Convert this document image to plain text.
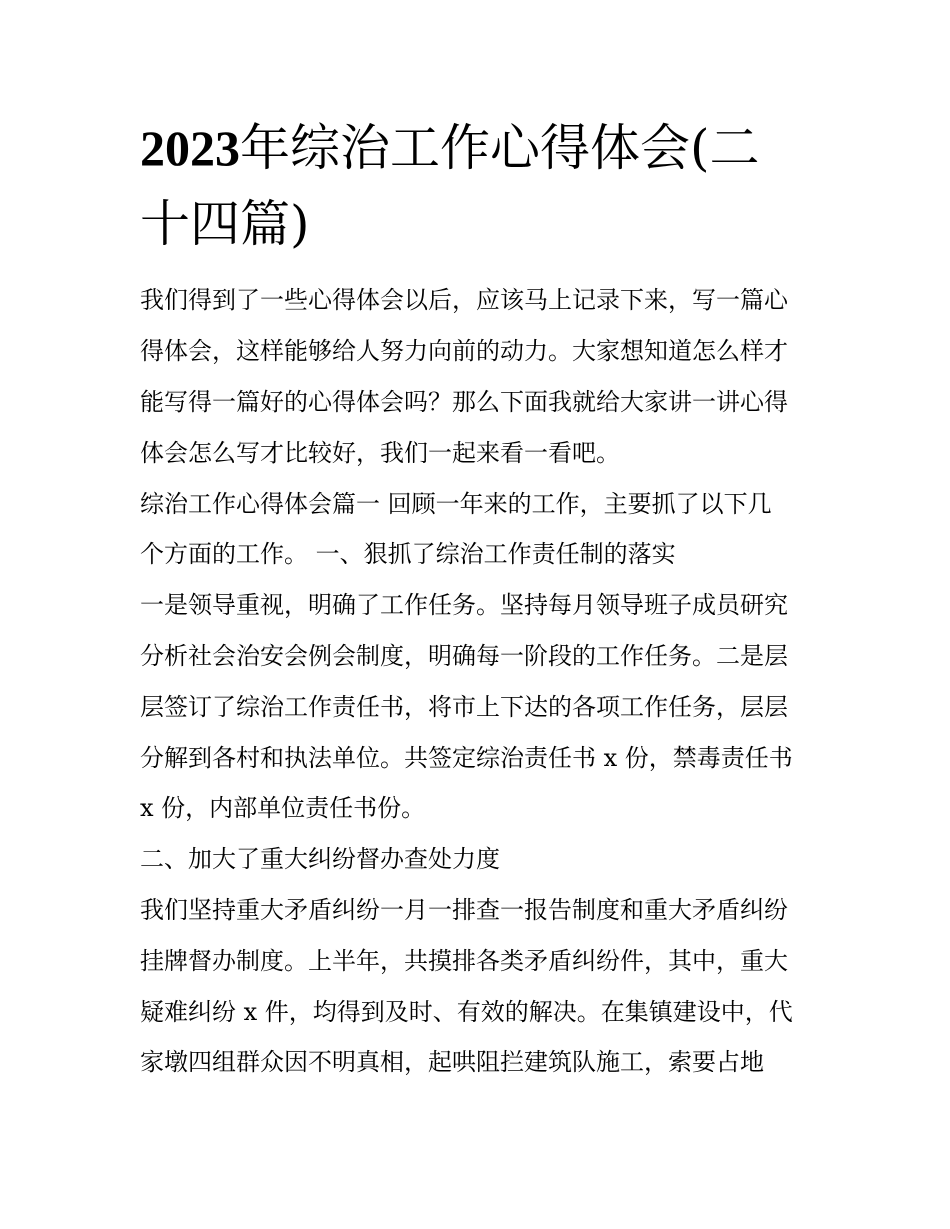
2023年综治工作心得体会(二
十四篇)

我们得到了一些心得体会以后，应该马上记录下来，写一篇心

得体会，这样能够给人努力向前的动力。大家想知道怎么样才

能写得一篇好的心得体会吗？那么下面我就给大家讲一讲心得

体会怎么写才比较好，我们一起来看一看吧。

综治工作心得体会篇一 回顾一年来的工作，主要抓了以下几

个方面的工作。 一、狠抓了综治工作责任制的落实

一是领导重视，明确了工作任务。坚持每月领导班子成员研究

分析社会治安会例会制度，明确每一阶段的工作任务。二是层

层签订了综治工作责任书，将市上下达的各项工作任务，层层

分解到各村和执法单位。共签定综治责任书 x 份，禁毒责任书

x 份，内部单位责任书份。

二、加大了重大纠纷督办查处力度

我们坚持重大矛盾纠纷一月一排查一报告制度和重大矛盾纠纷

挂牌督办制度。上半年，共摸排各类矛盾纠纷件，其中，重大

疑难纠纷 x 件，均得到及时、有效的解决。在集镇建设中，代

家墩四组群众因不明真相，起哄阻拦建筑队施工，索要占地
